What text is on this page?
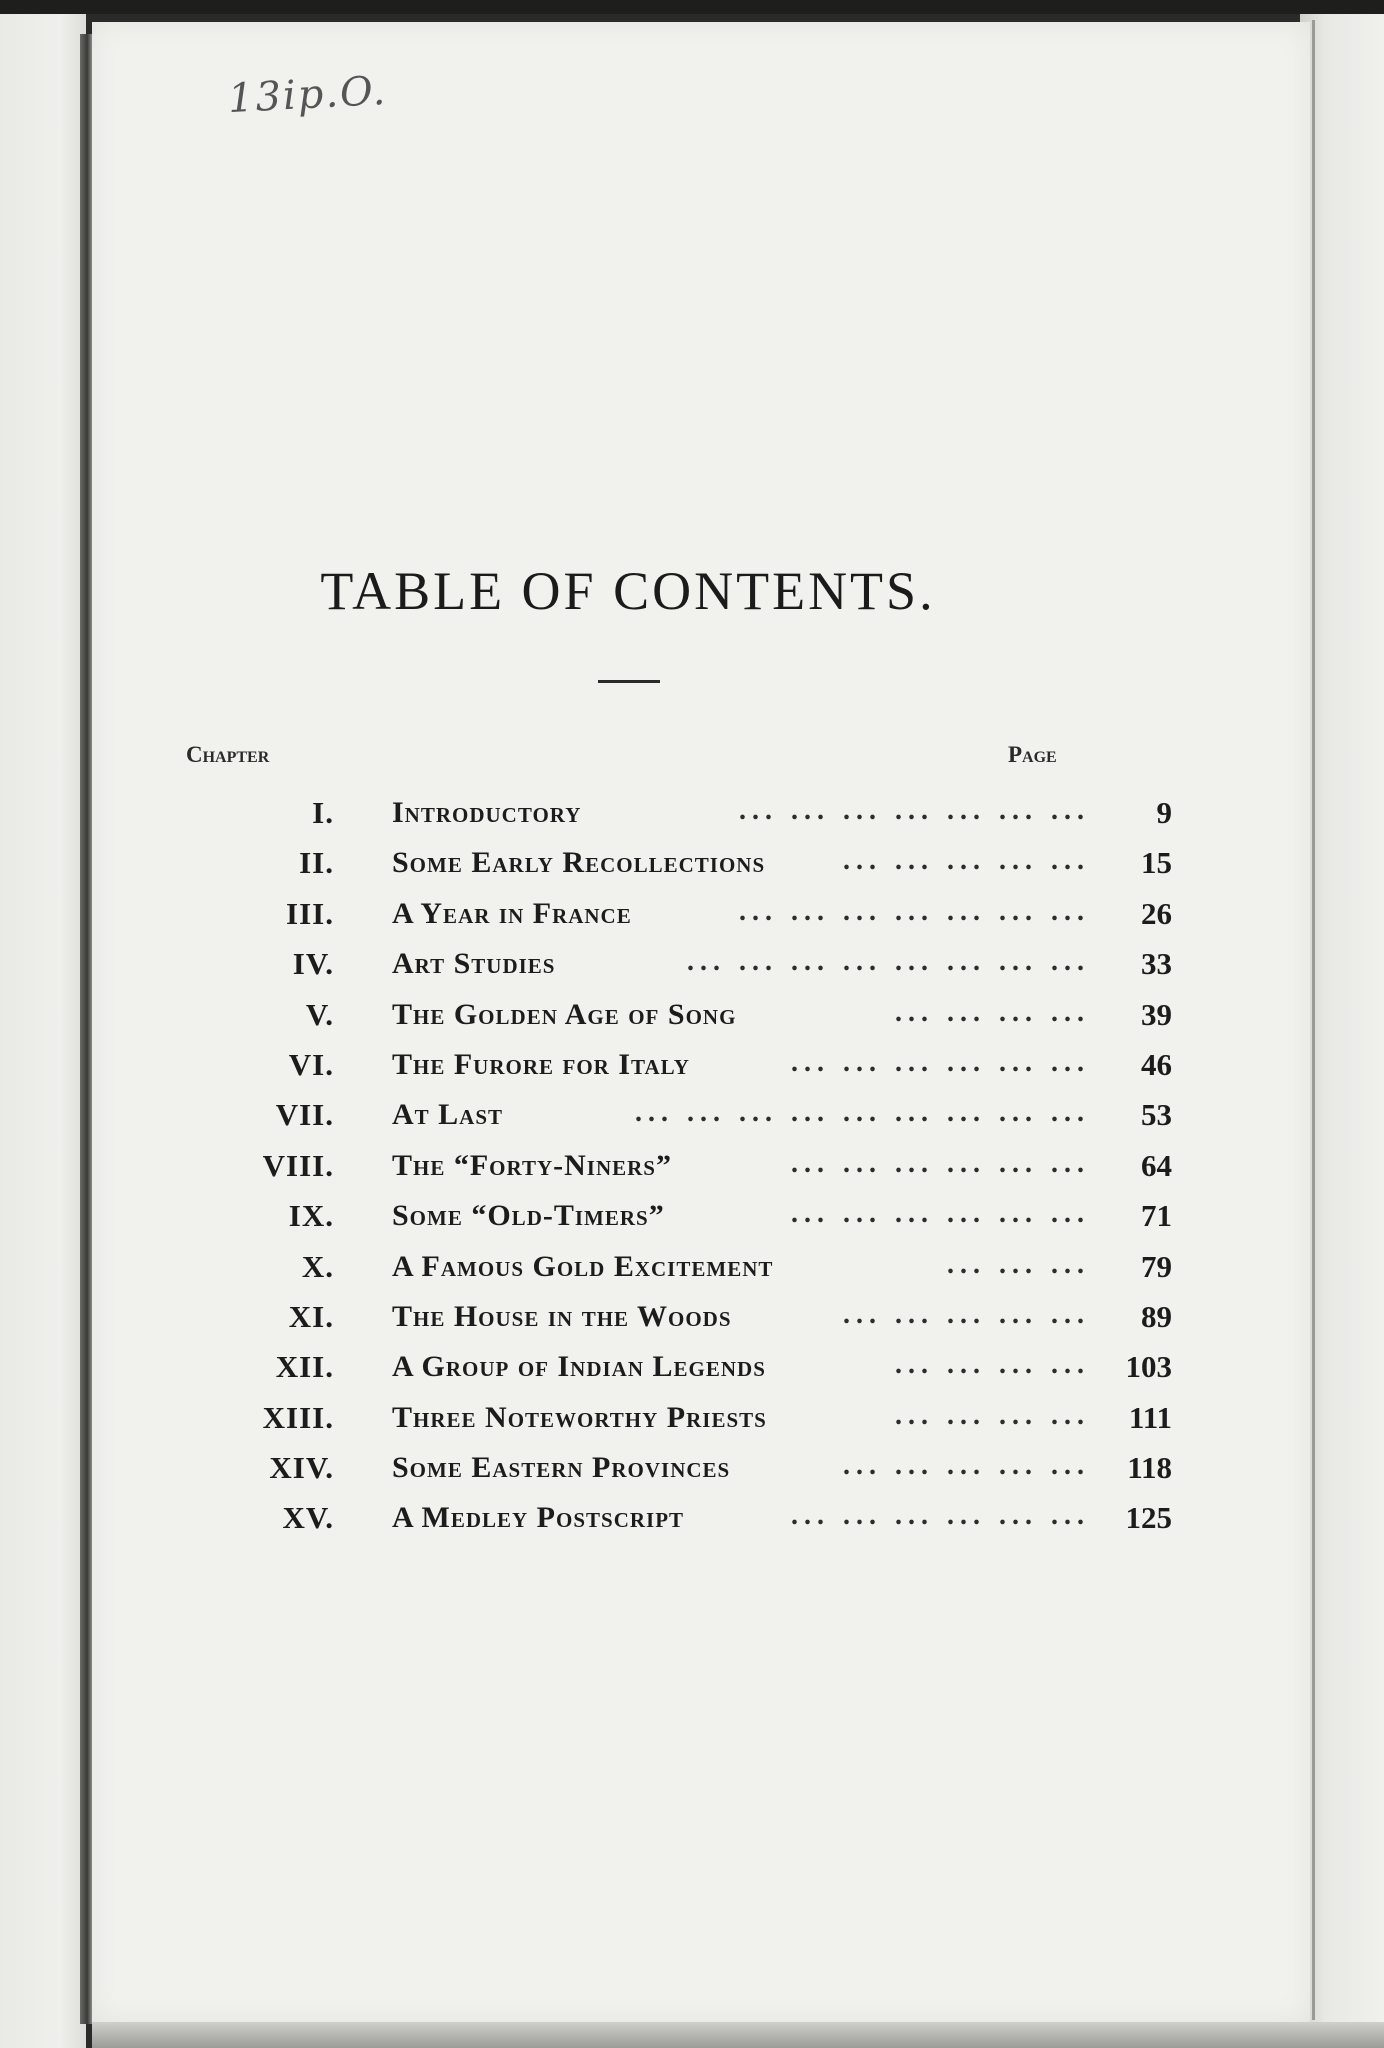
13ip.O.

TABLE OF CONTENTS.

Chapter	Page

I. Introductory	... ... ... ... ... ... ...	9
II. Some Early Recollections	... ... ... ... ...	15
III. A Year in France	... ... ... ... ... ... ...	26
IV. Art Studies	... ... ... ... ... ... ... ...	33
V. The Golden Age of Song	... ... ... ...	39
VI. The Furore for Italy	... ... ... ... ... ...	46
VII. At Last	... ... ... ... ... ... ... ... ...	53
VIII. The “Forty-Niners”	... ... ... ... ... ...	64
IX. Some “Old-Timers”	... ... ... ... ... ...	71
X. A Famous Gold Excitement	... ... ...	79
XI. The House in the Woods	... ... ... ... ...	89
XII. A Group of Indian Legends	... ... ... ...	103
XIII. Three Noteworthy Priests	... ... ... ...	111
XIV. Some Eastern Provinces	... ... ... ... ...	118
XV. A Medley Postscript	... ... ... ... ... ...	125
